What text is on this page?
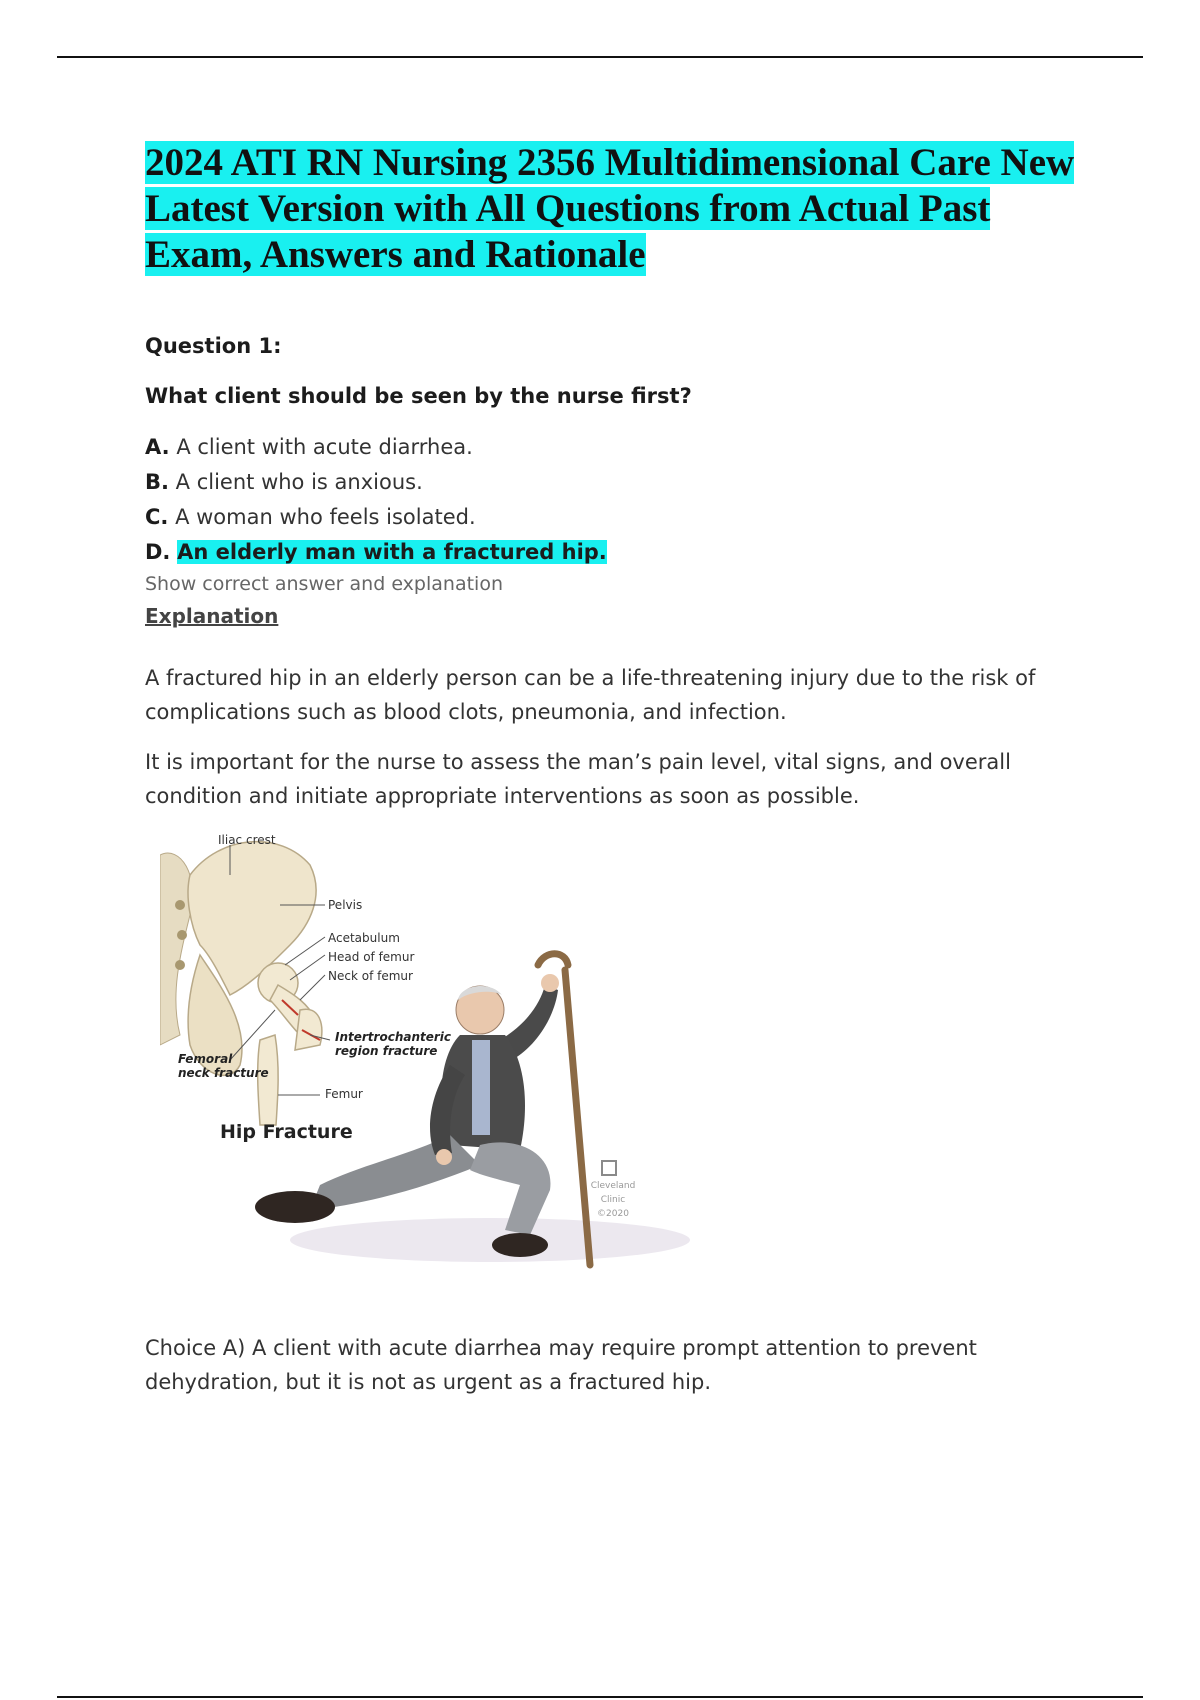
2024 ATI RN Nursing 2356 Multidimensional Care New Latest Version with All Questions from Actual Past Exam, Answers and Rationale

Question 1:

What client should be seen by the nurse first?

A. A client with acute diarrhea.
B. A client who is anxious.
C. A woman who feels isolated.
D. An elderly man with a fractured hip.

Show correct answer and explanation

Explanation

A fractured hip in an elderly person can be a life-threatening injury due to the risk of complications such as blood clots, pneumonia, and infection.

It is important for the nurse to assess the man’s pain level, vital signs, and overall condition and initiate appropriate interventions as soon as possible.

Iliac crest
Pelvis
Acetabulum
Head of femur
Neck of femur
Intertrochanteric
region fracture
Femoral
neck fracture
Femur
Hip Fracture
Cleveland Clinic ©2020

Choice A) A client with acute diarrhea may require prompt attention to prevent dehydration, but it is not as urgent as a fractured hip.
